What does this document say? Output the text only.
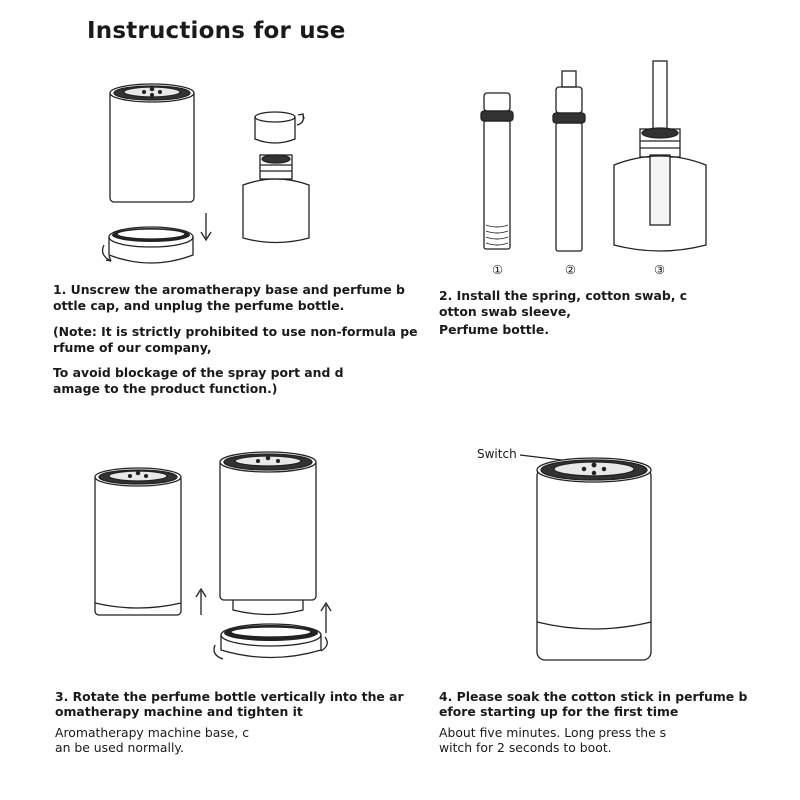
Instructions for use
1. Unscrew the aromatherapy base and perfume b
ottle cap, and unplug the perfume bottle.
(Note: It is strictly prohibited to use non-formula pe
rfume of our company,
To avoid blockage of the spray port and d
amage to the product function.)
①	②	③
2. Install the spring, cotton swab, c
otton swab sleeve,
Perfume bottle.
3. Rotate the perfume bottle vertically into the ar
omatherapy machine and tighten it
Aromatherapy machine base, c
an be used normally.
Switch
4. Please soak the cotton stick in perfume b
efore starting up for the first time
About five minutes. Long press the s
witch for 2 seconds to boot.
